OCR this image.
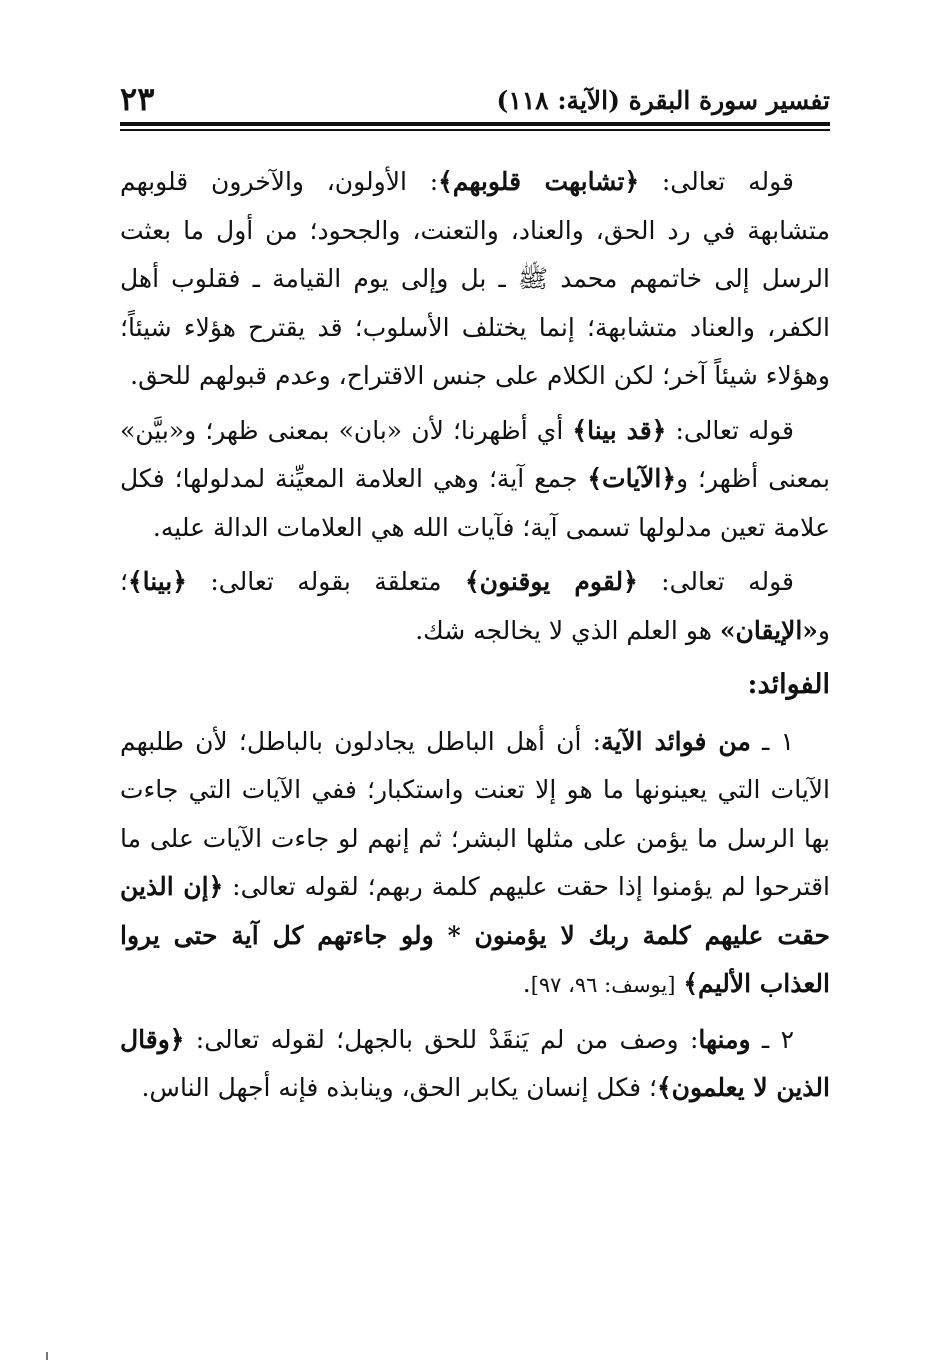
تفسير سورة البقرة (الآية: ١١٨)
٢٣

قوله تعالى: ﴿تشابهت قلوبهم﴾: الأولون، والآخرون قلوبهم متشابهة في رد الحق، والعناد، والتعنت، والجحود؛ من أول ما بعثت الرسل إلى خاتمهم محمد ﷺ ـ بل وإلى يوم القيامة ـ فقلوب أهل الكفر، والعناد متشابهة؛ إنما يختلف الأسلوب؛ قد يقترح هؤلاء شيئاً؛ وهؤلاء شيئاً آخر؛ لكن الكلام على جنس الاقتراح، وعدم قبولهم للحق.

قوله تعالى: ﴿قد بينا﴾ أي أظهرنا؛ لأن «بان» بمعنى ظهر؛ و«بيَّن» بمعنى أظهر؛ و﴿الآيات﴾ جمع آية؛ وهي العلامة المعيِّنة لمدلولها؛ فكل علامة تعين مدلولها تسمى آية؛ فآيات الله هي العلامات الدالة عليه.

قوله تعالى: ﴿لقوم يوقنون﴾ متعلقة بقوله تعالى: ﴿بينا﴾؛ و«الإيقان» هو العلم الذي لا يخالجه شك.

الفوائد:

١ ـ من فوائد الآية: أن أهل الباطل يجادلون بالباطل؛ لأن طلبهم الآيات التي يعينونها ما هو إلا تعنت واستكبار؛ ففي الآيات التي جاءت بها الرسل ما يؤمن على مثلها البشر؛ ثم إنهم لو جاءت الآيات على ما اقترحوا لم يؤمنوا إذا حقت عليهم كلمة ربهم؛ لقوله تعالى: ﴿إن الذين حقت عليهم كلمة ربك لا يؤمنون * ولو جاءتهم كل آية حتى يروا العذاب الأليم﴾ [يوسف: ٩٦، ٩٧].

٢ ـ ومنها: وصف من لم يَنقَدْ للحق بالجهل؛ لقوله تعالى: ﴿وقال الذين لا يعلمون﴾؛ فكل إنسان يكابر الحق، وينابذه فإنه أجهل الناس.
